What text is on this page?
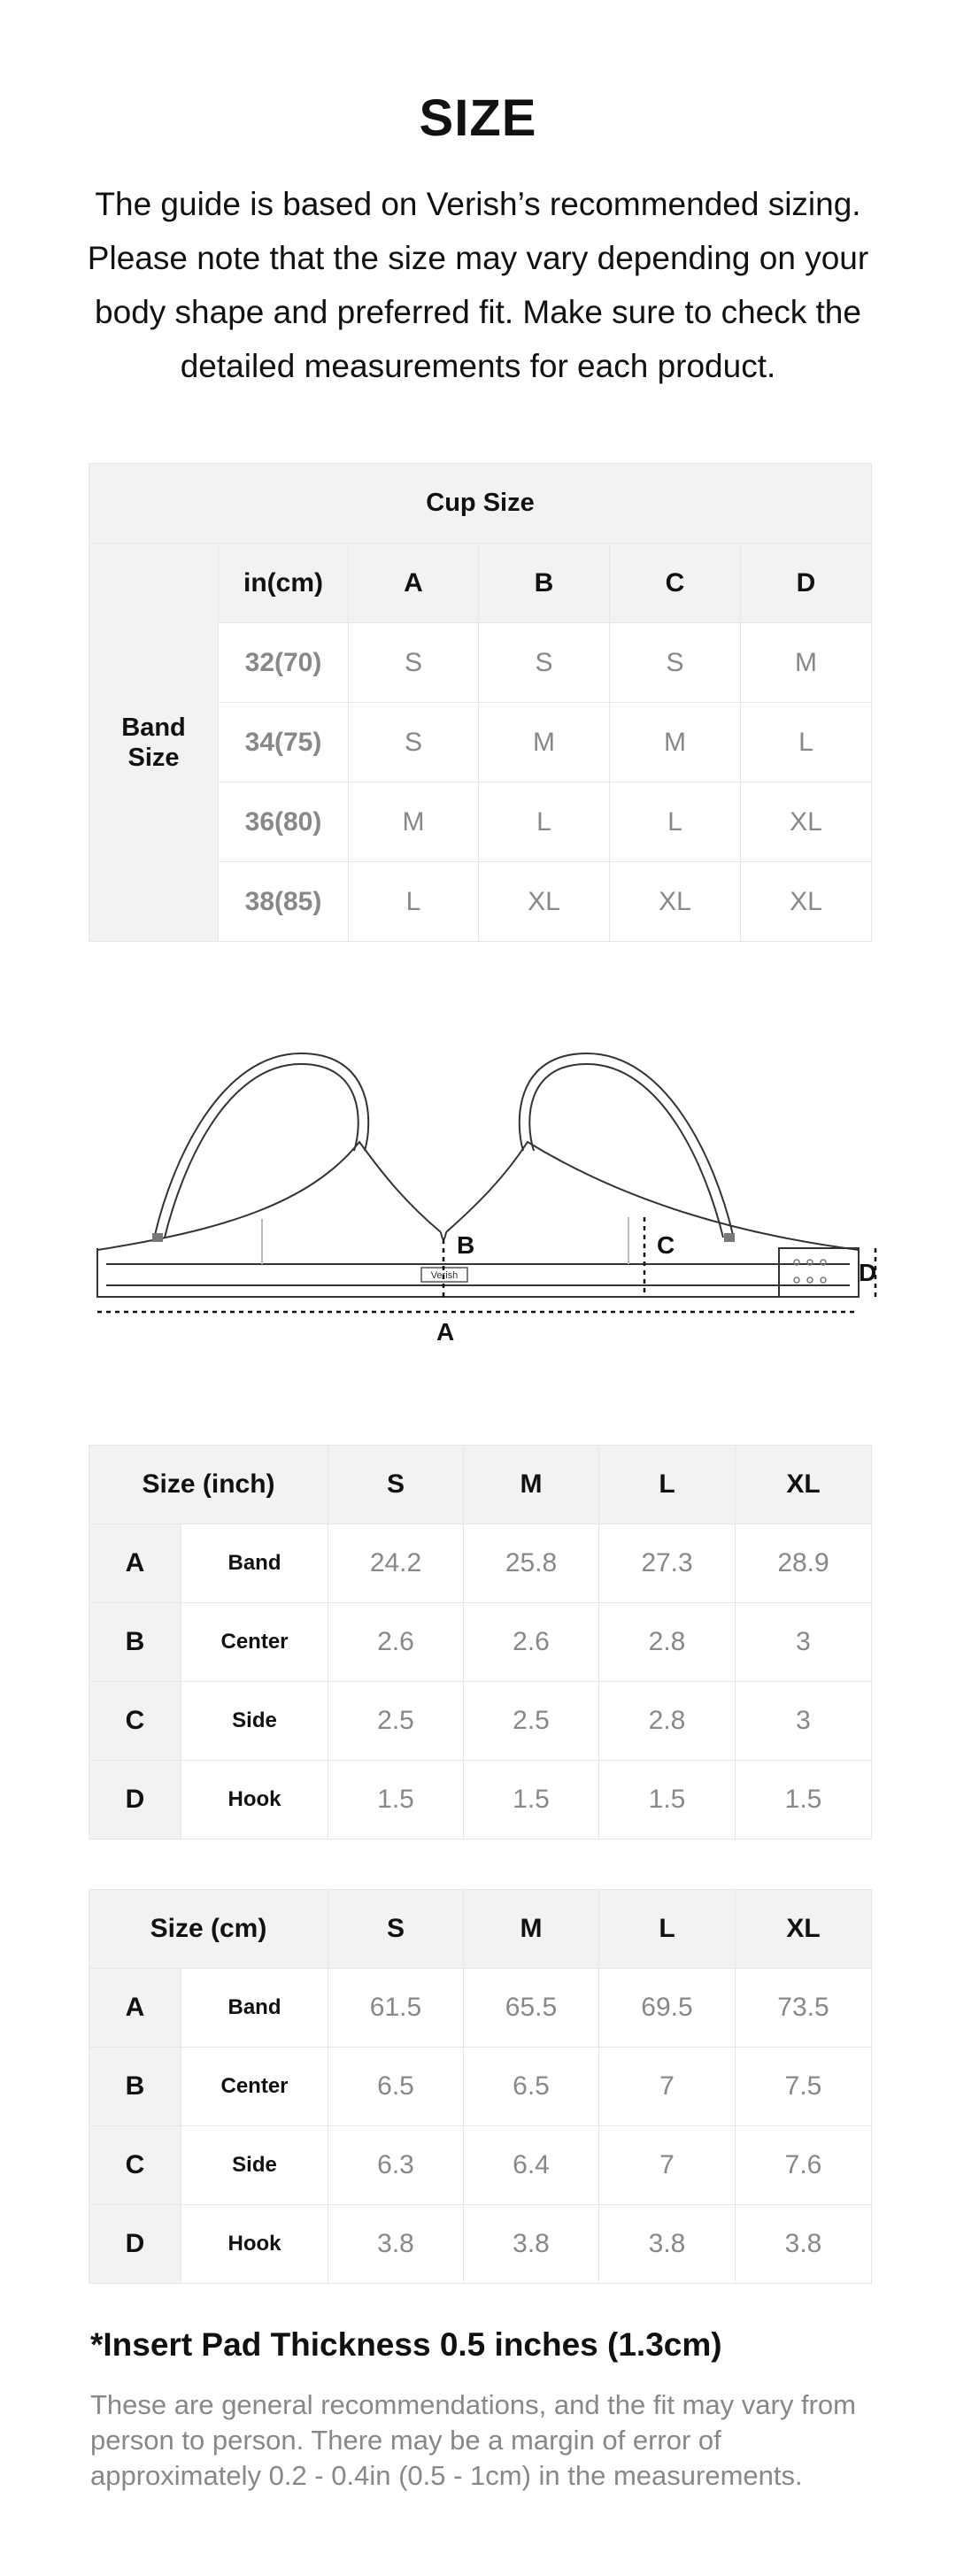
SIZE
The guide is based on Verish’s recommended sizing.
Please note that the size may vary depending on your
body shape and preferred fit. Make sure to check the
detailed measurements for each product.
Cup Size					

Band
Size	in(cm)	A	B	C	D
	32(70)	S	S	S	M
	34(75)	S	M	M	L
	36(80)	M	L	L	XL
	38(85)	L	XL	XL	XL
Verish
B	C
A
D
Size (inch)		S	M	L	XL
A	Band	24.2	25.8	27.3	28.9
B	Center	2.6	2.6	2.8	3
C	Side	2.5	2.5	2.8	3
D	Hook	1.5	1.5	1.5	1.5
Size (cm)		S	M	L	XL
A	Band	61.5	65.5	69.5	73.5
B	Center	6.5	6.5	7	7.5
C	Side	6.3	6.4	7	7.6
D	Hook	3.8	3.8	3.8	3.8
*Insert Pad Thickness 0.5 inches (1.3cm)
These are general recommendations, and the fit may vary from
person to person. There may be a margin of error of
approximately 0.2 - 0.4in (0.5 - 1cm) in the measurements.
